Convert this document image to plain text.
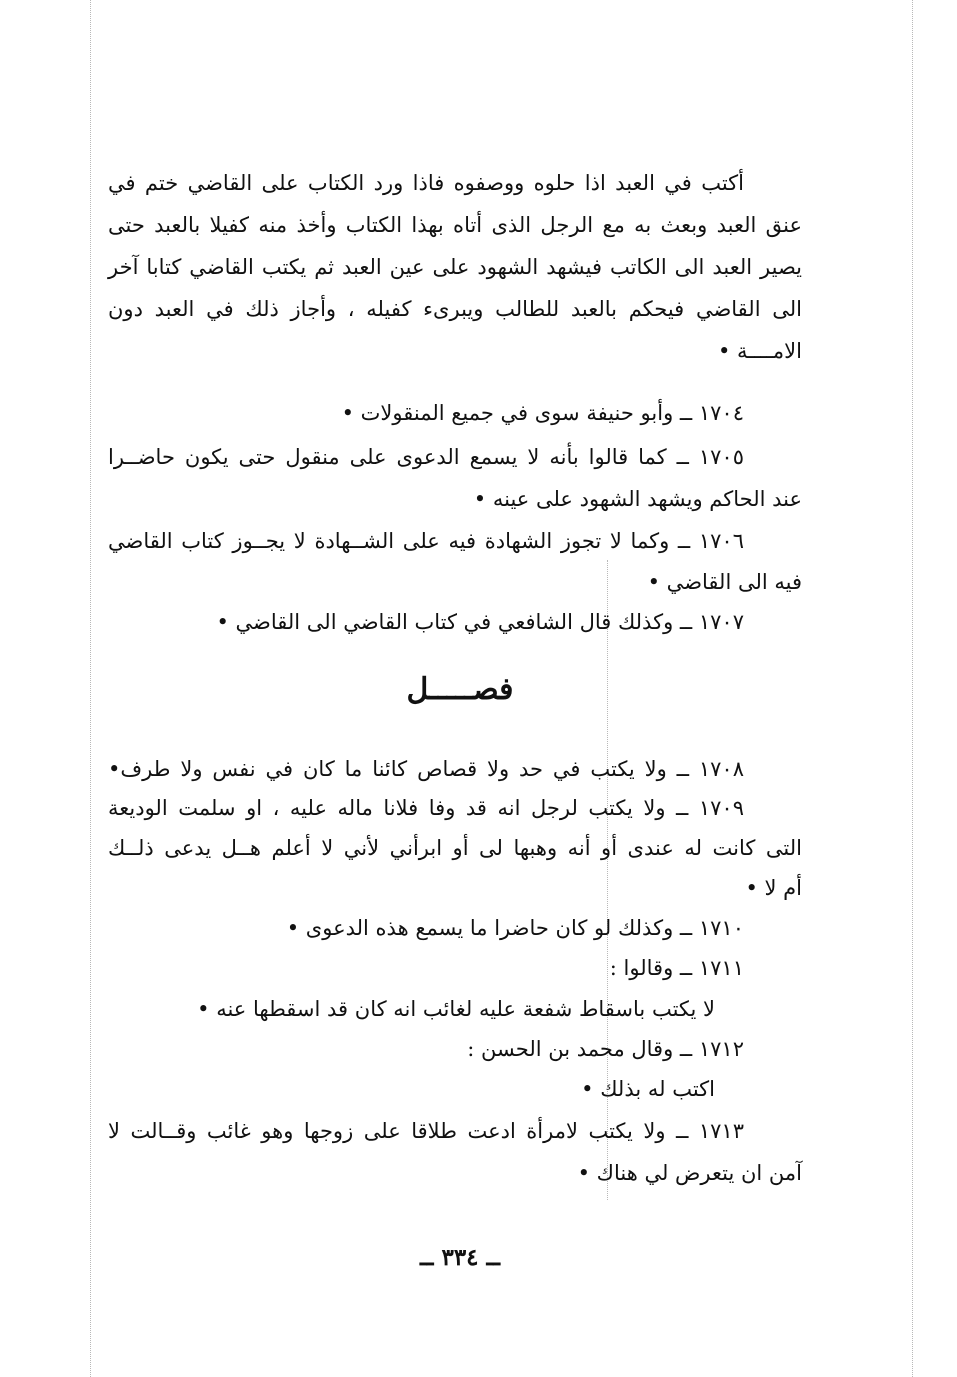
أكتب في العبد اذا حلوه ووصفوه فاذا ورد الكتاب على القاضي ختم في
عنق العبد وبعث به مع الرجل الذى أتاه بهذا الكتاب وأخذ منه كفيلا بالعبد حتى
يصير العبد الى الكاتب فيشهد الشهود على عين العبد ثم يكتب القاضي كتابا آخر
الى القاضي فيحكم بالعبد للطالب ويبرىء كفيله ، وأجاز ذلك في العبد دون
الامــــة •
١٧٠٤ ــ وأبو حنيفة سوى في جميع المنقولات •
١٧٠٥ ــ كما قالوا بأنه لا يسمع الدعوى على منقول حتى يكون حاضــرا
عند الحاكم ويشهد الشهود على عينه •
١٧٠٦ ــ وكما لا تجوز الشهادة فيه على الشــهادة لا يجــوز كتاب القاضي
فيه الى القاضي •
١٧٠٧ ــ وكذلك قال الشافعي في كتاب القاضي الى القاضي •
فصـــــل
١٧٠٨ ــ ولا يكتب في حد ولا قصاص كائنا ما كان في نفس ولا طرف•
١٧٠٩ ــ ولا يكتب لرجل انه قد وفا فلانا ماله عليه ، او سلمت الوديعة
التى كانت له عندى أو أنه وهبها لى أو ابرأني لأني لا أعلم هــل يدعى ذلــك
أم لا •
١٧١٠ ــ وكذلك لو كان حاضرا ما يسمع هذه الدعوى •
١٧١١ ــ وقالوا :
لا يكتب باسقاط شفعة عليه لغائب انه كان قد اسقطها عنه •
١٧١٢ ــ وقال محمد بن الحسن :
اكتب له بذلك •
١٧١٣ ــ ولا يكتب لامرأة ادعت طلاقا على زوجها وهو غائب وقــالت لا
آمن ان يتعرض لي هناك •
ــ ٣٣٤ ــ
